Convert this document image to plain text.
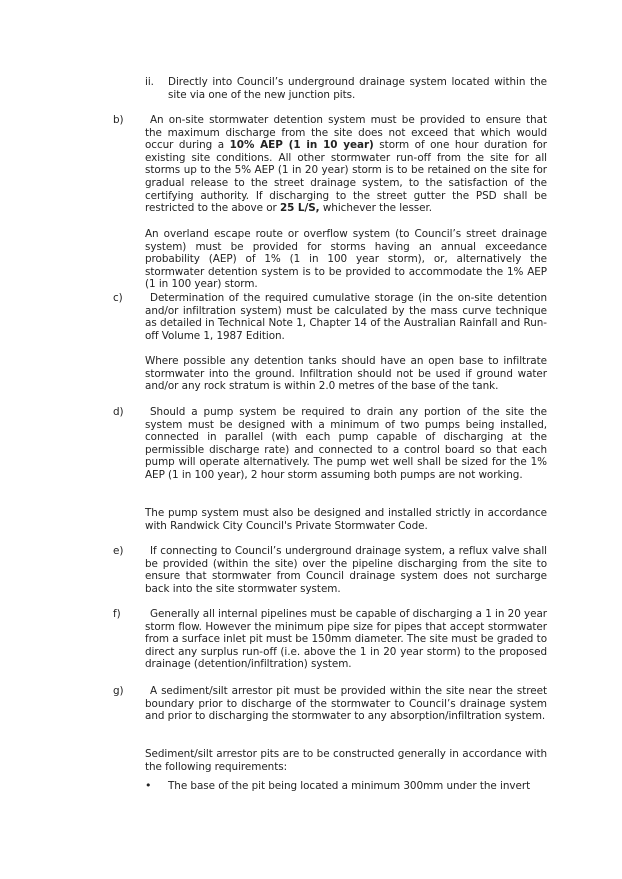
ii. Directly into Council’s underground drainage system located within the site via one of the new junction pits.

b)	An on-site stormwater detention system must be provided to ensure that the maximum discharge from the site does not exceed that which would occur during a 10% AEP (1 in 10 year) storm of one hour duration for existing site conditions. All other stormwater run-off from the site for all storms up to the 5% AEP (1 in 20 year) storm is to be retained on the site for gradual release to the street drainage system, to the satisfaction of the certifying authority. If discharging to the street gutter the PSD shall be restricted to the above or 25 L/S, whichever the lesser.

An overland escape route or overflow system (to Council’s street drainage system) must be provided for storms having an annual exceedance probability (AEP) of 1% (1 in 100 year storm), or, alternatively the stormwater detention system is to be provided to accommodate the 1% AEP (1 in 100 year) storm.

c)	Determination of the required cumulative storage (in the on-site detention and/or infiltration system) must be calculated by the mass curve technique as detailed in Technical Note 1, Chapter 14 of the Australian Rainfall and Run-off Volume 1, 1987 Edition.

Where possible any detention tanks should have an open base to infiltrate stormwater into the ground. Infiltration should not be used if ground water and/or any rock stratum is within 2.0 metres of the base of the tank.

d)	Should a pump system be required to drain any portion of the site the system must be designed with a minimum of two pumps being installed, connected in parallel (with each pump capable of discharging at the permissible discharge rate) and connected to a control board so that each pump will operate alternatively. The pump wet well shall be sized for the 1% AEP (1 in 100 year), 2 hour storm assuming both pumps are not working.

The pump system must also be designed and installed strictly in accordance with Randwick City Council's Private Stormwater Code.

e)	If connecting to Council’s underground drainage system, a reflux valve shall be provided (within the site) over the pipeline discharging from the site to ensure that stormwater from Council drainage system does not surcharge back into the site stormwater system.

f)	Generally all internal pipelines must be capable of discharging a 1 in 20 year storm flow. However the minimum pipe size for pipes that accept stormwater from a surface inlet pit must be 150mm diameter. The site must be graded to direct any surplus run-off (i.e. above the 1 in 20 year storm) to the proposed drainage (detention/infiltration) system.

g)	A sediment/silt arrestor pit must be provided within the site near the street boundary prior to discharge of the stormwater to Council’s drainage system and prior to discharging the stormwater to any absorption/infiltration system.

Sediment/silt arrestor pits are to be constructed generally in accordance with the following requirements:

• The base of the pit being located a minimum 300mm under the invert
